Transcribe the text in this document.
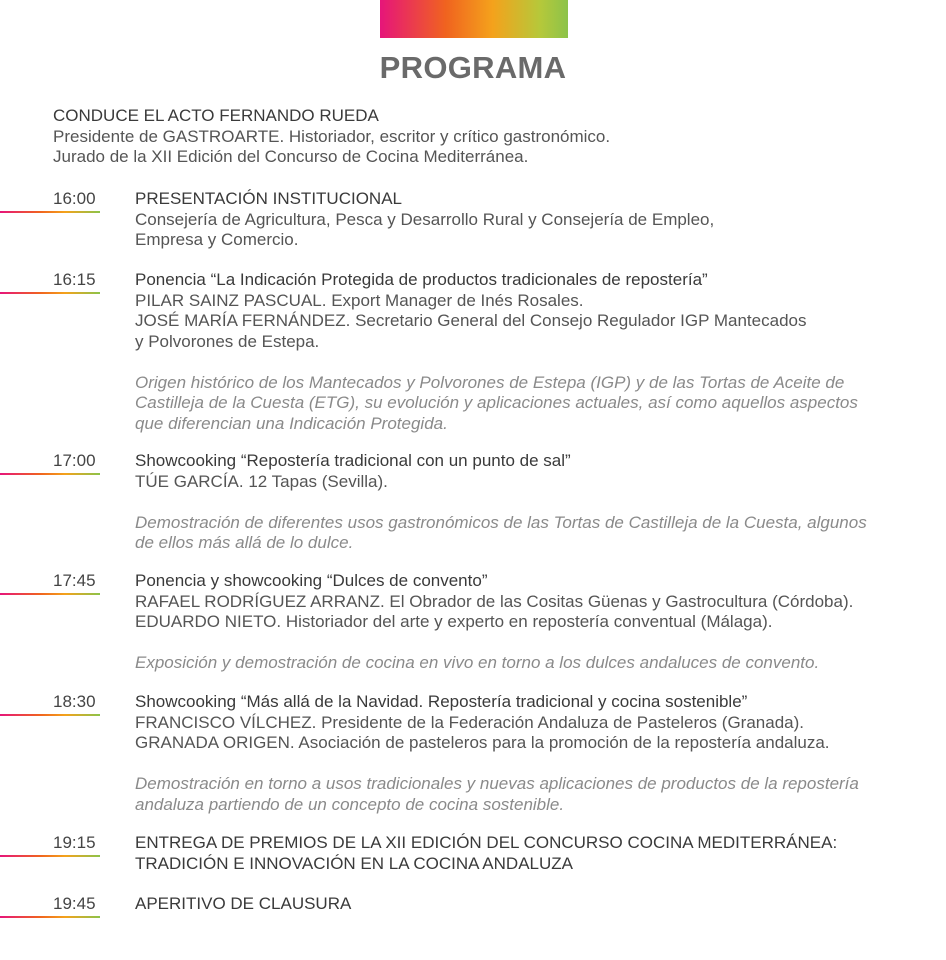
PROGRAMA
CONDUCE EL ACTO FERNANDO RUEDA
Presidente de GASTROARTE. Historiador, escritor y crítico gastronómico.
Jurado de la XII Edición del Concurso de Cocina Mediterránea.
16:00 PRESENTACIÓN INSTITUCIONAL
Consejería de Agricultura, Pesca y Desarrollo Rural y Consejería de Empleo,
Empresa y Comercio.
16:15 Ponencia “La Indicación Protegida de productos tradicionales de repostería”
PILAR SAINZ PASCUAL. Export Manager de Inés Rosales.
JOSÉ MARÍA FERNÁNDEZ. Secretario General del Consejo Regulador IGP Mantecados
y Polvorones de Estepa.
Origen histórico de los Mantecados y Polvorones de Estepa (IGP) y de las Tortas de Aceite de
Castilleja de la Cuesta (ETG), su evolución y aplicaciones actuales, así como aquellos aspectos
que diferencian una Indicación Protegida.
17:00 Showcooking “Repostería tradicional con un punto de sal”
TÚE GARCÍA. 12 Tapas (Sevilla).
Demostración de diferentes usos gastronómicos de las Tortas de Castilleja de la Cuesta, algunos
de ellos más allá de lo dulce.
17:45 Ponencia y showcooking “Dulces de convento”
RAFAEL RODRÍGUEZ ARRANZ. El Obrador de las Cositas Güenas y Gastrocultura (Córdoba).
EDUARDO NIETO. Historiador del arte y experto en repostería conventual (Málaga).
Exposición y demostración de cocina en vivo en torno a los dulces andaluces de convento.
18:30 Showcooking “Más allá de la Navidad. Repostería tradicional y cocina sostenible”
FRANCISCO VÍLCHEZ. Presidente de la Federación Andaluza de Pasteleros (Granada).
GRANADA ORIGEN. Asociación de pasteleros para la promoción de la repostería andaluza.
Demostración en torno a usos tradicionales y nuevas aplicaciones de productos de la repostería
andaluza partiendo de un concepto de cocina sostenible.
19:15 ENTREGA DE PREMIOS DE LA XII EDICIÓN DEL CONCURSO COCINA MEDITERRÁNEA:
TRADICIÓN E INNOVACIÓN EN LA COCINA ANDALUZA
19:45 APERITIVO DE CLAUSURA
